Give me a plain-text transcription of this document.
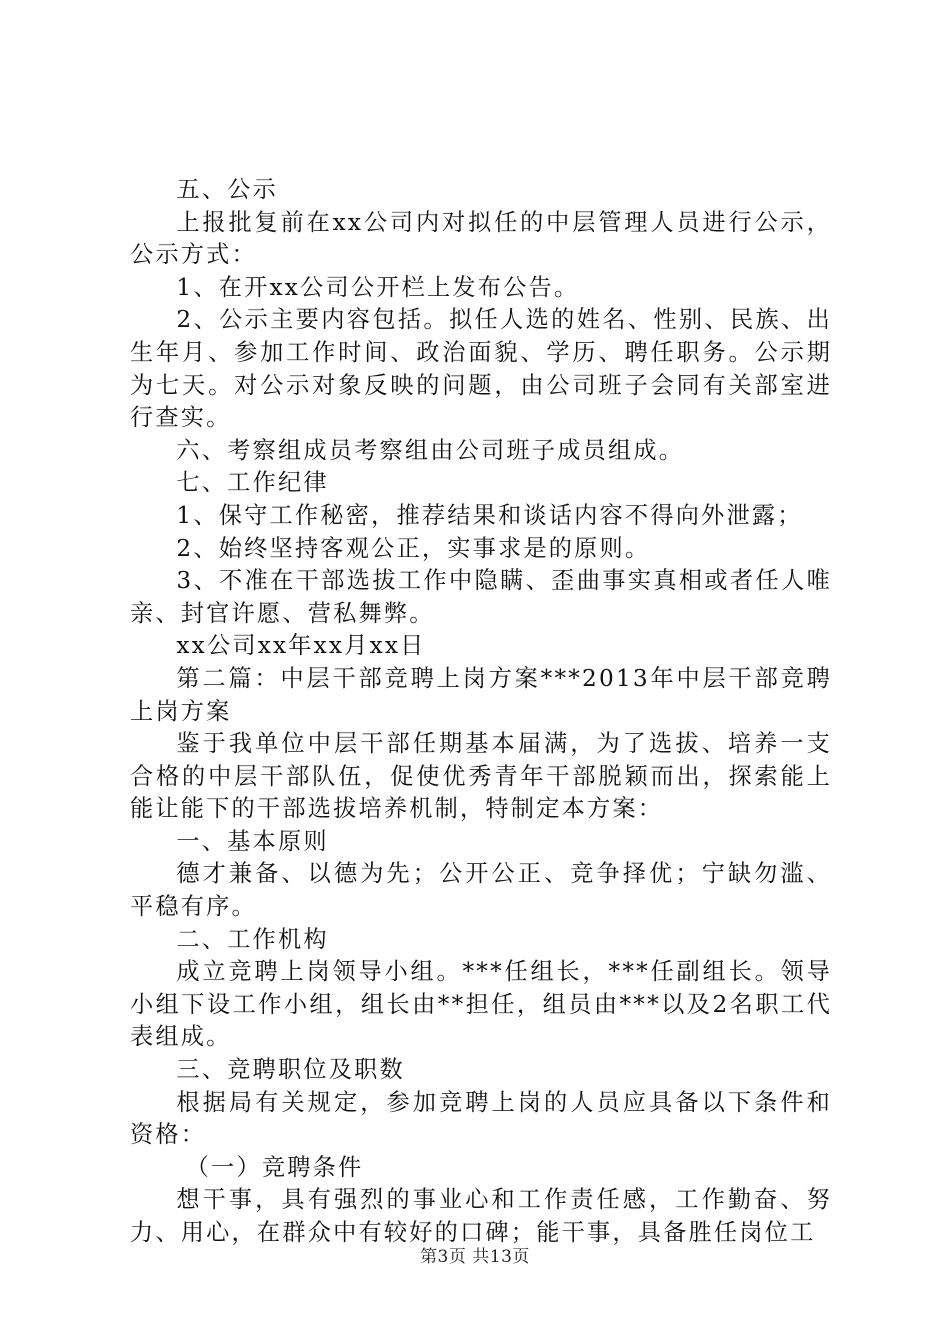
五、公示

上报批复前在xx公司内对拟任的中层管理人员进行公示，公示方式：

1、在开xx公司公开栏上发布公告。

2、公示主要内容包括。拟任人选的姓名、性别、民族、出生年月、参加工作时间、政治面貌、学历、聘任职务。公示期为七天。对公示对象反映的问题，由公司班子会同有关部室进行查实。

六、考察组成员考察组由公司班子成员组成。

七、工作纪律

1、保守工作秘密，推荐结果和谈话内容不得向外泄露；

2、始终坚持客观公正，实事求是的原则。

3、不准在干部选拔工作中隐瞒、歪曲事实真相或者任人唯亲、封官许愿、营私舞弊。

xx公司xx年xx月xx日

第二篇：中层干部竞聘上岗方案***2013年中层干部竞聘上岗方案

鉴于我单位中层干部任期基本届满，为了选拔、培养一支合格的中层干部队伍，促使优秀青年干部脱颖而出，探索能上能让能下的干部选拔培养机制，特制定本方案：

一、基本原则

德才兼备、以德为先；公开公正、竞争择优；宁缺勿滥、平稳有序。

二、工作机构

成立竞聘上岗领导小组。***任组长，***任副组长。领导小组下设工作小组，组长由**担任，组员由***以及2名职工代表组成。

三、竞聘职位及职数

根据局有关规定，参加竞聘上岗的人员应具备以下条件和资格：

（一）竞聘条件

想干事，具有强烈的事业心和工作责任感，工作勤奋、努力、用心，在群众中有较好的口碑；能干事，具备胜任岗位工

第3页 共13页
